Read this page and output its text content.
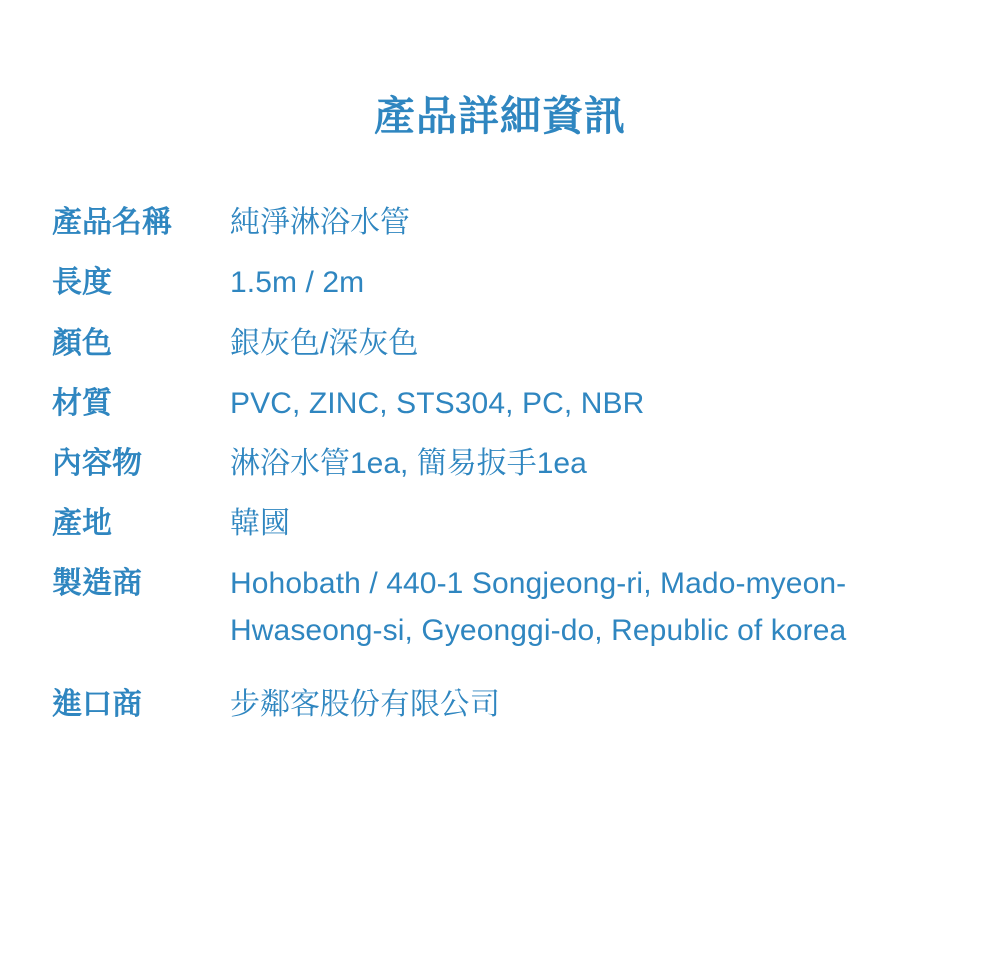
產品詳細資訊
產品名稱	純淨淋浴水管
長度	1.5m / 2m
顏色	銀灰色/深灰色
材質	PVC, ZINC, STS304, PC, NBR
內容物	淋浴水管1ea, 簡易扳手1ea
產地	韓國
製造商	Hohobath / 440-1 Songjeong-ri, Mado-myeon-
Hwaseong-si, Gyeonggi-do, Republic of korea
進口商	步鄰客股份有限公司
